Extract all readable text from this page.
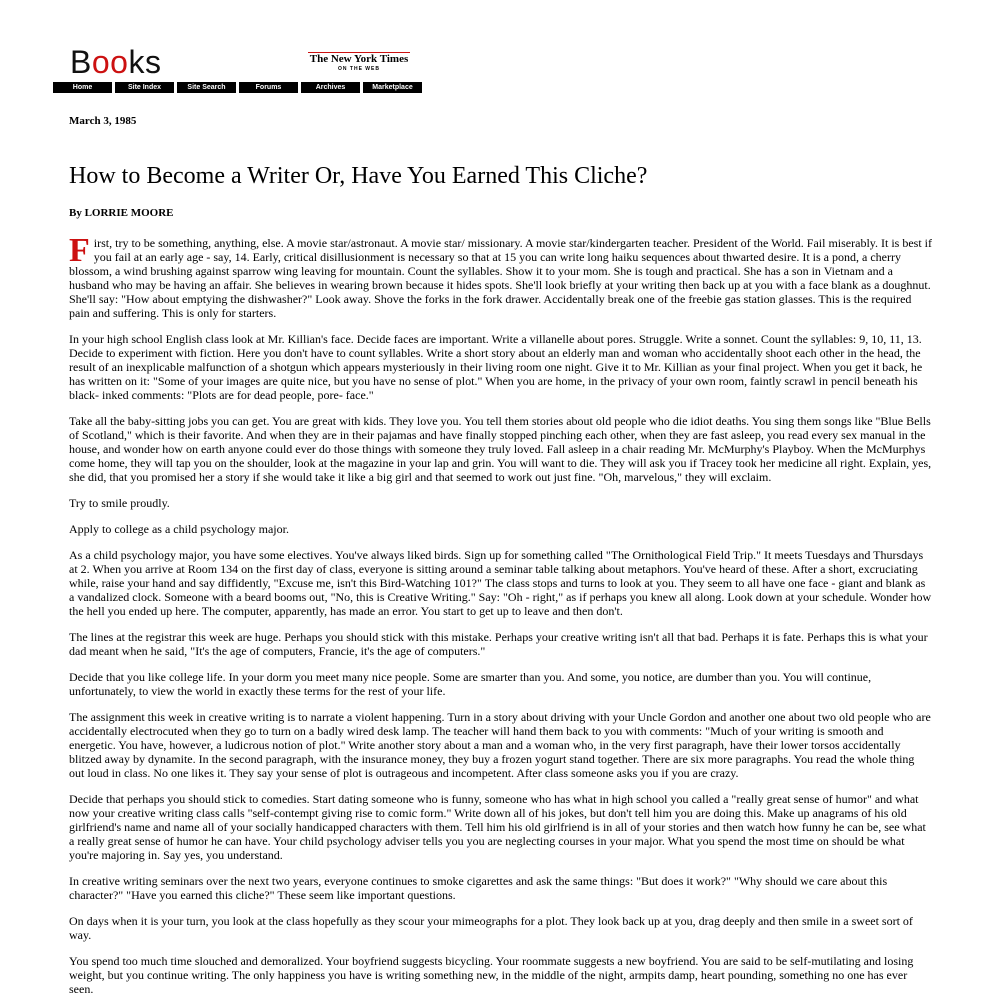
Books	The New York Times
ON THE WEB
Home	Site Index	Site Search	Forums	Archives	Marketplace

March 3, 1985

How to Become a Writer Or, Have You Earned This Cliche?

By LORRIE MOORE

First, try to be something, anything, else. A movie star/astronaut. A movie star/ missionary. A movie star/kindergarten teacher. President of the World. Fail miserably. It is best if you fail at an early age - say, 14. Early, critical disillusionment is necessary so that at 15 you can write long haiku sequences about thwarted desire. It is a pond, a cherry blossom, a wind brushing against sparrow wing leaving for mountain. Count the syllables. Show it to your mom. She is tough and practical. She has a son in Vietnam and a husband who may be having an affair. She believes in wearing brown because it hides spots. She'll look briefly at your writing then back up at you with a face blank as a doughnut. She'll say: "How about emptying the dishwasher?" Look away. Shove the forks in the fork drawer. Accidentally break one of the freebie gas station glasses. This is the required pain and suffering. This is only for starters.

In your high school English class look at Mr. Killian's face. Decide faces are important. Write a villanelle about pores. Struggle. Write a sonnet. Count the syllables: 9, 10, 11, 13. Decide to experiment with fiction. Here you don't have to count syllables. Write a short story about an elderly man and woman who accidentally shoot each other in the head, the result of an inexplicable malfunction of a shotgun which appears mysteriously in their living room one night. Give it to Mr. Killian as your final project. When you get it back, he has written on it: "Some of your images are quite nice, but you have no sense of plot." When you are home, in the privacy of your own room, faintly scrawl in pencil beneath his black- inked comments: "Plots are for dead people, pore- face."

Take all the baby-sitting jobs you can get. You are great with kids. They love you. You tell them stories about old people who die idiot deaths. You sing them songs like "Blue Bells of Scotland," which is their favorite. And when they are in their pajamas and have finally stopped pinching each other, when they are fast asleep, you read every sex manual in the house, and wonder how on earth anyone could ever do those things with someone they truly loved. Fall asleep in a chair reading Mr. McMurphy's Playboy. When the McMurphys come home, they will tap you on the shoulder, look at the magazine in your lap and grin. You will want to die. They will ask you if Tracey took her medicine all right. Explain, yes, she did, that you promised her a story if she would take it like a big girl and that seemed to work out just fine. "Oh, marvelous," they will exclaim.

Try to smile proudly.

Apply to college as a child psychology major.

As a child psychology major, you have some electives. You've always liked birds. Sign up for something called "The Ornithological Field Trip." It meets Tuesdays and Thursdays at 2. When you arrive at Room 134 on the first day of class, everyone is sitting around a seminar table talking about metaphors. You've heard of these. After a short, excruciating while, raise your hand and say diffidently, "Excuse me, isn't this Bird-Watching 101?" The class stops and turns to look at you. They seem to all have one face - giant and blank as a vandalized clock. Someone with a beard booms out, "No, this is Creative Writing." Say: "Oh - right," as if perhaps you knew all along. Look down at your schedule. Wonder how the hell you ended up here. The computer, apparently, has made an error. You start to get up to leave and then don't.

The lines at the registrar this week are huge. Perhaps you should stick with this mistake. Perhaps your creative writing isn't all that bad. Perhaps it is fate. Perhaps this is what your dad meant when he said, "It's the age of computers, Francie, it's the age of computers."

Decide that you like college life. In your dorm you meet many nice people. Some are smarter than you. And some, you notice, are dumber than you. You will continue, unfortunately, to view the world in exactly these terms for the rest of your life.

The assignment this week in creative writing is to narrate a violent happening. Turn in a story about driving with your Uncle Gordon and another one about two old people who are accidentally electrocuted when they go to turn on a badly wired desk lamp. The teacher will hand them back to you with comments: "Much of your writing is smooth and energetic. You have, however, a ludicrous notion of plot." Write another story about a man and a woman who, in the very first paragraph, have their lower torsos accidentally blitzed away by dynamite. In the second paragraph, with the insurance money, they buy a frozen yogurt stand together. There are six more paragraphs. You read the whole thing out loud in class. No one likes it. They say your sense of plot is outrageous and incompetent. After class someone asks you if you are crazy.

Decide that perhaps you should stick to comedies. Start dating someone who is funny, someone who has what in high school you called a "really great sense of humor" and what now your creative writing class calls "self-contempt giving rise to comic form." Write down all of his jokes, but don't tell him you are doing this. Make up anagrams of his old girlfriend's name and name all of your socially handicapped characters with them. Tell him his old girlfriend is in all of your stories and then watch how funny he can be, see what a really great sense of humor he can have. Your child psychology adviser tells you you are neglecting courses in your major. What you spend the most time on should be what you're majoring in. Say yes, you understand.

In creative writing seminars over the next two years, everyone continues to smoke cigarettes and ask the same things: "But does it work?" "Why should we care about this character?" "Have you earned this cliche?" These seem like important questions.

On days when it is your turn, you look at the class hopefully as they scour your mimeographs for a plot. They look back up at you, drag deeply and then smile in a sweet sort of way.

You spend too much time slouched and demoralized. Your boyfriend suggests bicycling. Your roommate suggests a new boyfriend. You are said to be self-mutilating and losing weight, but you continue writing. The only happiness you have is writing something new, in the middle of the night, armpits damp, heart pounding, something no one has ever seen.
